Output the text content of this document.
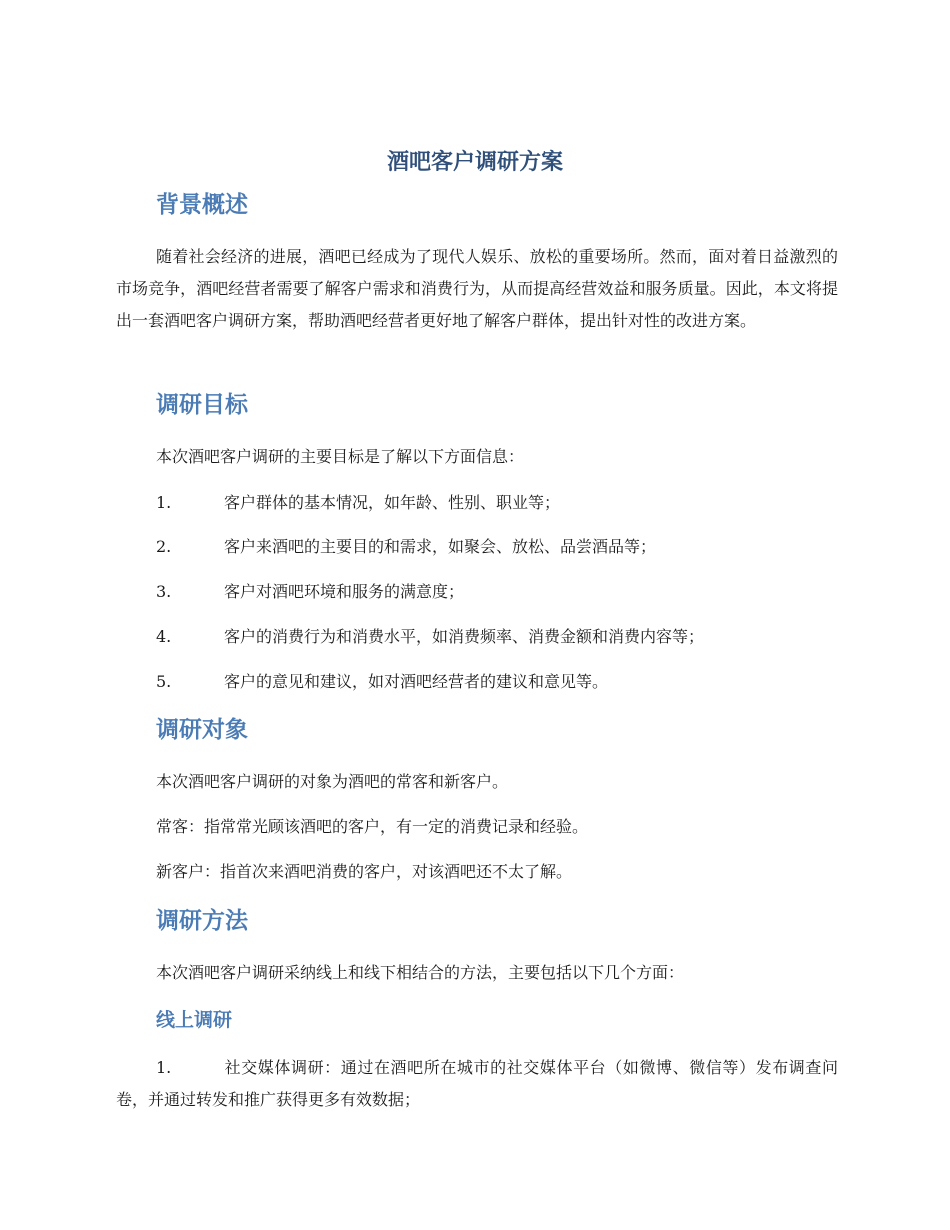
酒吧客户调研方案
背景概述

随着社会经济的进展，酒吧已经成为了现代人娱乐、放松的重要场所。然而，面对着日益激烈的市场竞争，酒吧经营者需要了解客户需求和消费行为，从而提高经营效益和服务质量。因此，本文将提出一套酒吧客户调研方案，帮助酒吧经营者更好地了解客户群体，提出针对性的改进方案。

调研目标

本次酒吧客户调研的主要目标是了解以下方面信息：

1.	客户群体的基本情况，如年龄、性别、职业等；
2.	客户来酒吧的主要目的和需求，如聚会、放松、品尝酒品等；
3.	客户对酒吧环境和服务的满意度；
4.	客户的消费行为和消费水平，如消费频率、消费金额和消费内容等；
5.	客户的意见和建议，如对酒吧经营者的建议和意见等。
调研对象

本次酒吧客户调研的对象为酒吧的常客和新客户。

常客：指常常光顾该酒吧的客户，有一定的消费记录和经验。

新客户：指首次来酒吧消费的客户，对该酒吧还不太了解。

调研方法

本次酒吧客户调研采纳线上和线下相结合的方法，主要包括以下几个方面：

线上调研
1.	社交媒体调研：通过在酒吧所在城市的社交媒体平台（如微博、微信等）发布调查问卷，并通过转发和推广获得更多有效数据；
